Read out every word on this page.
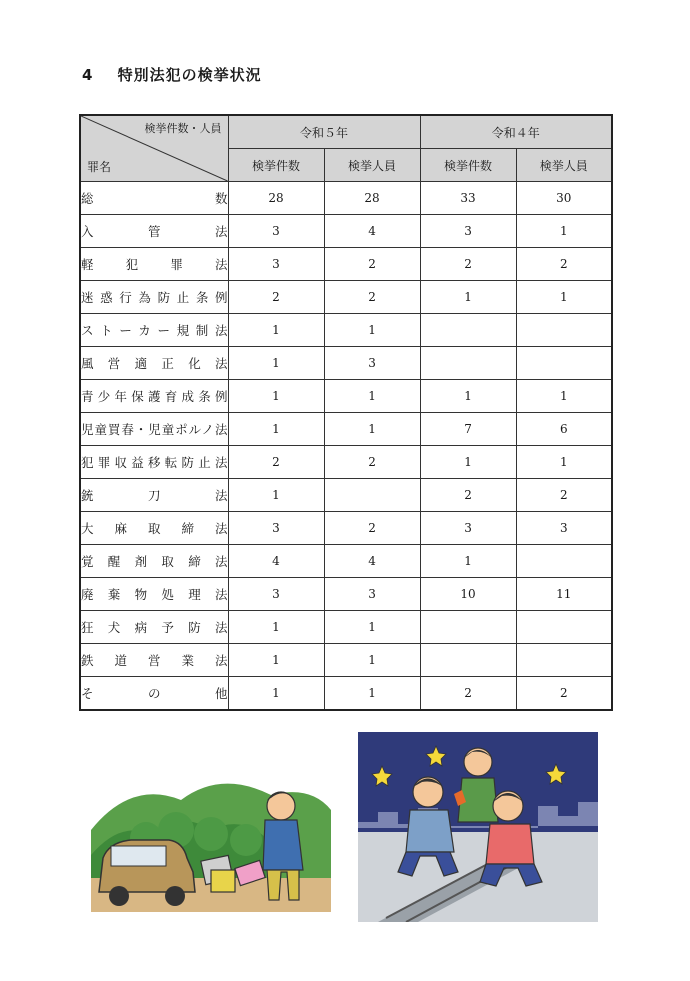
4 特別法犯の検挙状況
検挙件数・人員
罪名	令和５年		令和４年	
	検挙件数	検挙人員	検挙件数	検挙人員
総数	28	28	33	30
入管法	3	4	3	1
軽犯罪法	3	2	2	2
迷惑行為防止条例	2	2	1	1
ストーカー規制法	1	1		
風営適正化法	1	3		
青少年保護育成条例	1	1	1	1
児童買春・児童ポルノ法	1	1	7	6
犯罪収益移転防止法	2	2	1	1
銃刀法	1		2	2
大麻取締法	3	2	3	3
覚醒剤取締法	4	4	1	
廃棄物処理法	3	3	10	11
狂犬病予防法	1	1		
鉄道営業法	1	1		
その他	1	1	2	2
